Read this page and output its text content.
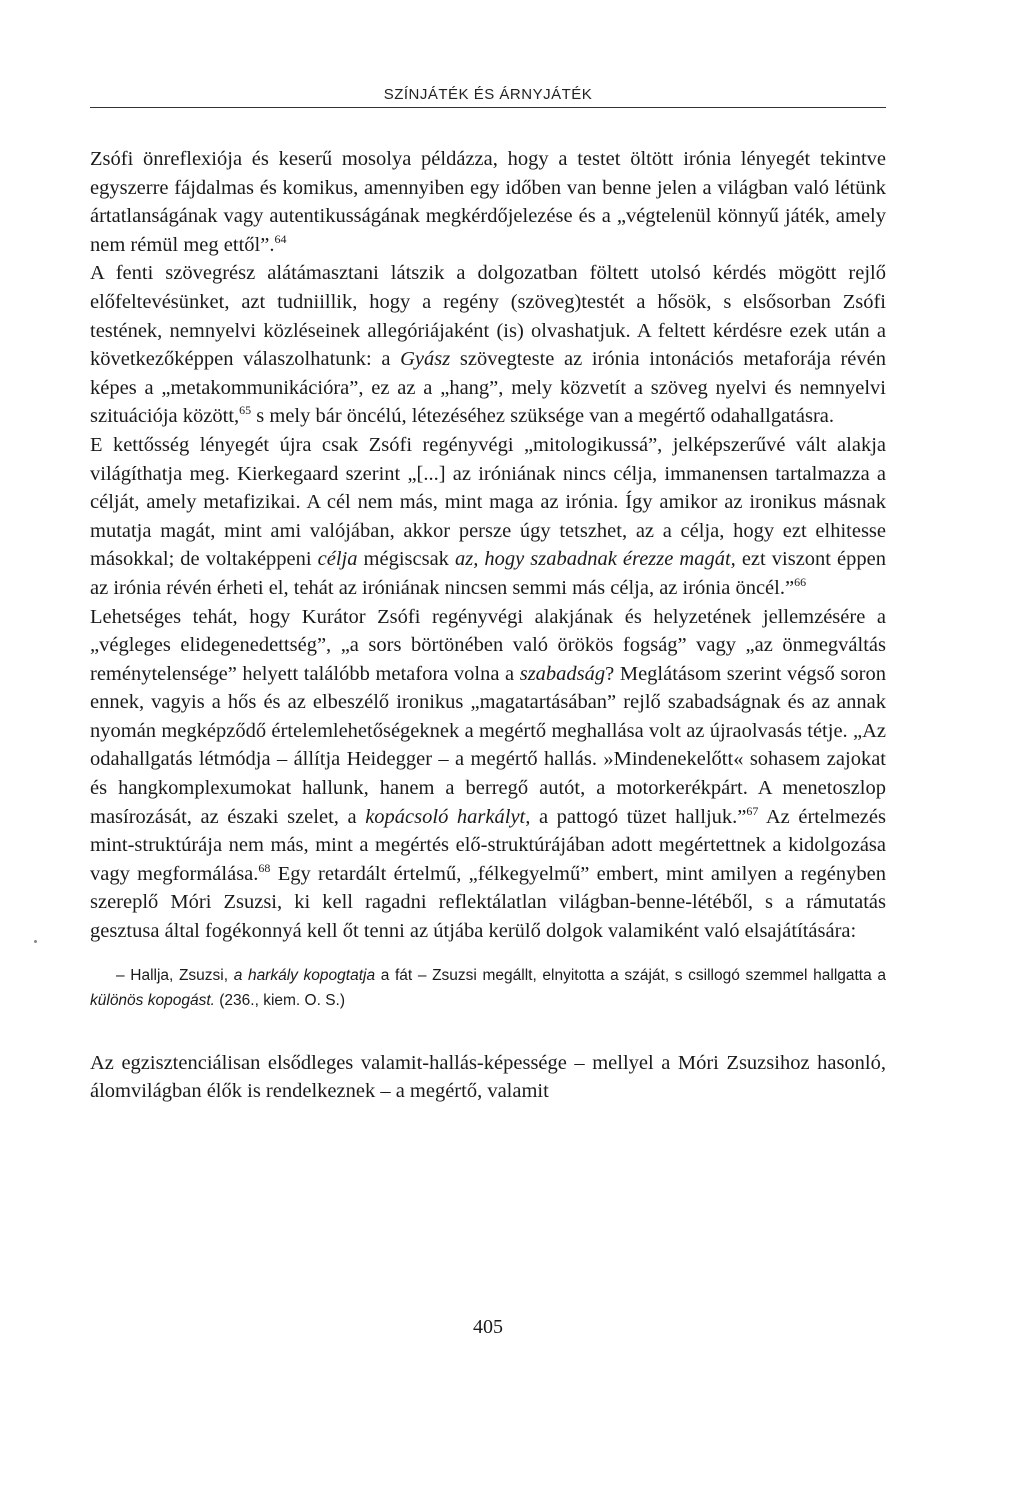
SZÍNJÁTÉK ÉS ÁRNYJÁTÉK

Zsófi önreflexiója és keserű mosolya példázza, hogy a testet öltött irónia lényegét tekintve egyszerre fájdalmas és komikus, amennyiben egy időben van benne jelen a világban való létünk ártatlanságának vagy autentikusságának megkérdőjelezése és a „végtelenül könnyű játék, amely nem rémül meg ettől”.$^{64}$

A fenti szövegrész alátámasztani látszik a dolgozatban föltett utolsó kérdés mögött rejlő előfeltevésünket, azt tudniillik, hogy a regény (szöveg)testét a hősök, s elsősorban Zsófi testének, nemnyelvi közléseinek allegóriájaként (is) olvashatjuk. A feltett kérdésre ezek után a következőképpen válaszolhatunk: a Gyász szövegteste az irónia intonációs metaforája révén képes a „metakommunikációra”, ez az a „hang”, mely közvetít a szöveg nyelvi és nemnyelvi szituációja között,$^{65}$ s mely bár öncélú, létezéséhez szüksége van a megértő odahallgatásra.

E kettősség lényegét újra csak Zsófi regényvégi „mitologikussá”, jelképszerűvé vált alakja világíthatja meg. Kierkegaard szerint „[...] az iróniának nincs célja, immanensen tartalmazza a célját, amely metafizikai. A cél nem más, mint maga az irónia. Így amikor az ironikus másnak mutatja magát, mint ami valójában, akkor persze úgy tetszhet, az a célja, hogy ezt elhitesse másokkal; de voltaképpeni célja mégiscsak az, hogy szabadnak érezze magát, ezt viszont éppen az irónia révén érheti el, tehát az iróniának nincsen semmi más célja, az irónia öncél.”$^{66}$

Lehetséges tehát, hogy Kurátor Zsófi regényvégi alakjának és helyzetének jellemzésére a „végleges elidegenedettség”, „a sors börtönében való örökös fogság” vagy „az önmegváltás reménytelensége” helyett találóbb metafora volna a szabadság? Meglátásom szerint végső soron ennek, vagyis a hős és az elbeszélő ironikus „magatartásában” rejlő szabadságnak és az annak nyomán megképződő értelemlehetőségeknek a megértő meghallása volt az újraolvasás tétje. „Az odahallgatás létmódja – állítja Heidegger – a megértő hallás. »Mindenekelőtt« sohasem zajokat és hangkomplexumokat hallunk, hanem a berregő autót, a motorkerékpárt. A menetoszlop masírozását, az északi szelet, a kopácsoló harkályt, a pattogó tüzet halljuk.”$^{67}$ Az értelmezés mint-struktúrája nem más, mint a megértés elő-struktúrájában adott megértettnek a kidolgozása vagy megformálása.$^{68}$ Egy retardált értelmű, „félkegyelmű” embert, mint amilyen a regényben szereplő Móri Zsuzsi, ki kell ragadni reflektálatlan világban-benne-létéből, s a rámutatás gesztusa által fogékonnyá kell őt tenni az útjába kerülő dolgok valamiként való elsajátítására:

– Hallja, Zsuzsi, a harkály kopogtatja a fát – Zsuzsi megállt, elnyitotta a száját, s csillogó szemmel hallgatta a különös kopogást. (236., kiem. O. S.)

Az egzisztenciálisan elsődleges valamit-hallás-képessége – mellyel a Móri Zsuzsihoz hasonló, álomvilágban élők is rendelkeznek – a megértő, valamit

405
